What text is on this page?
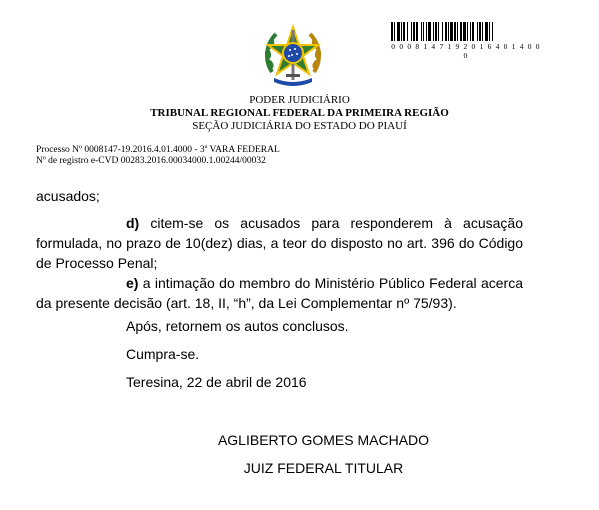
0 0 0 8 1 4 7 1 9 2 0 1 6 4 0 1 4 0 0 0
PODER JUDICIÁRIO
TRIBUNAL REGIONAL FEDERAL DA PRIMEIRA REGIÃO
SEÇÃO JUDICIÁRIA DO ESTADO DO PIAUÍ
Processo Nº 0008147-19.2016.4.01.4000 - 3ª VARA FEDERAL
Nº de registro e-CVD 00283.2016.00034000.1.00244/00032
acusados;
d) citem-se os acusados para responderem à acusação
formulada, no prazo de 10(dez) dias, a teor do disposto no art. 396 do Código
de Processo Penal;
e) a intimação do membro do Ministério Público Federal acerca
da presente decisão (art. 18, II, “h”, da Lei Complementar nº 75/93).
Após, retornem os autos conclusos.
Cumpra-se.
Teresina, 22 de abril de 2016
AGLIBERTO GOMES MACHADO
JUIZ FEDERAL TITULAR
